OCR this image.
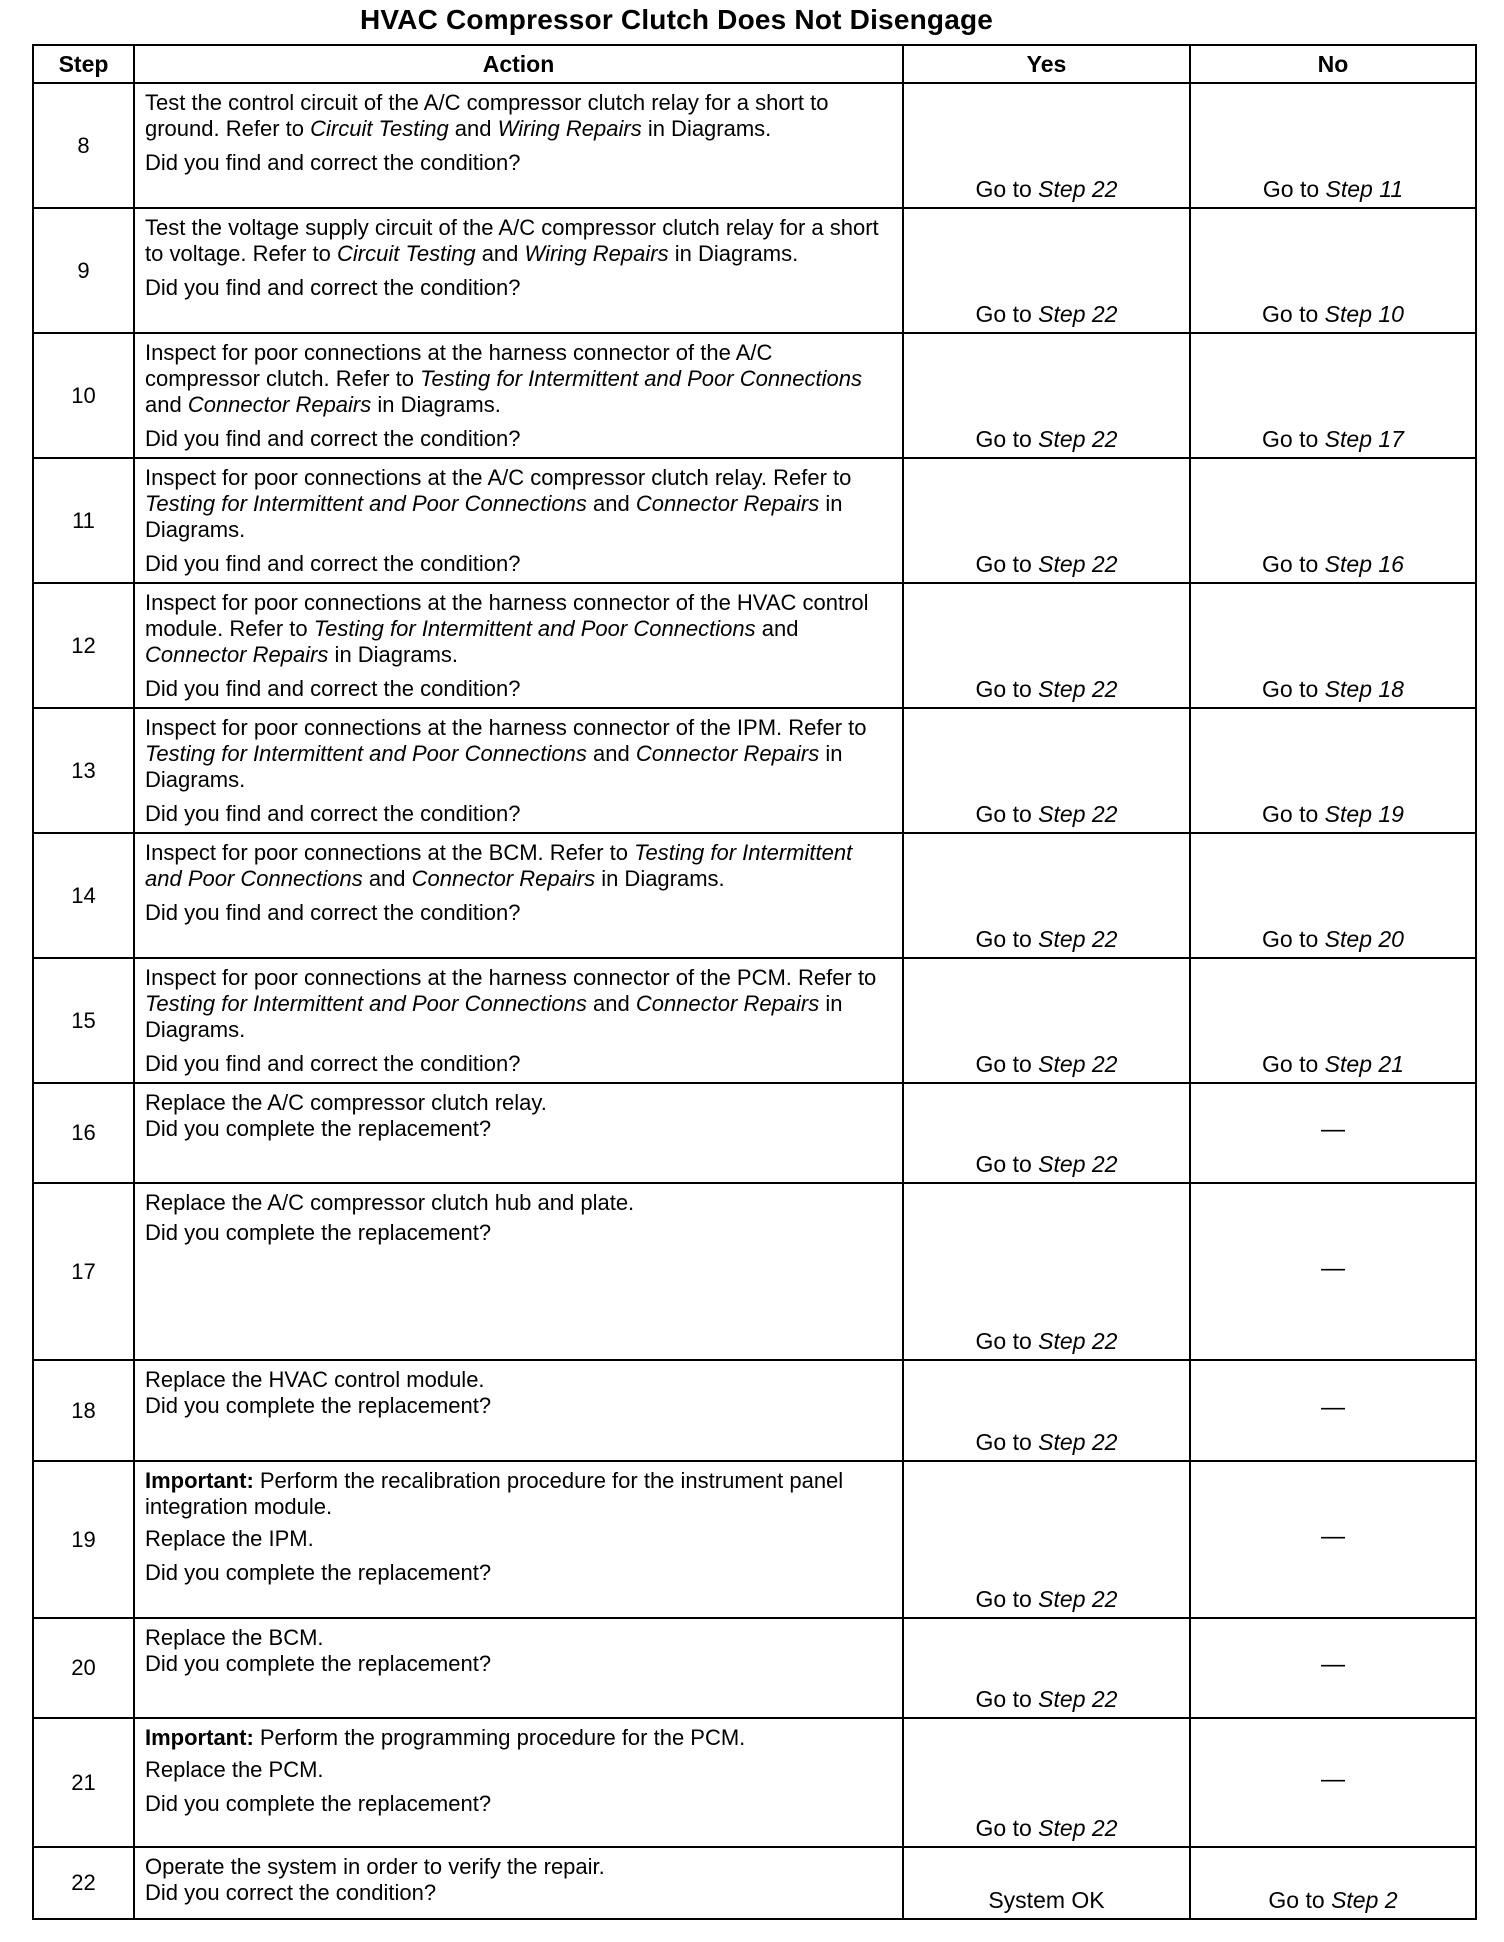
HVAC Compressor Clutch Does Not Disengage
Step	Action	Yes	No
8	Test the control circuit of the A/C compressor clutch relay for a short to ground. Refer to Circuit Testing and Wiring Repairs in Diagrams.
Did you find and correct the condition?	Go to Step 22	Go to Step 11

9	Test the voltage supply circuit of the A/C compressor clutch relay for a short to voltage. Refer to Circuit Testing and Wiring Repairs in Diagrams.
Did you find and correct the condition?	Go to Step 22	Go to Step 10

10	Inspect for poor connections at the harness connector of the A/C compressor clutch. Refer to Testing for Intermittent and Poor Connections and Connector Repairs in Diagrams.
Did you find and correct the condition?	Go to Step 22	Go to Step 17

11	Inspect for poor connections at the A/C compressor clutch relay. Refer to Testing for Intermittent and Poor Connections and Connector Repairs in Diagrams.
Did you find and correct the condition?	Go to Step 22	Go to Step 16

12	Inspect for poor connections at the harness connector of the HVAC control module. Refer to Testing for Intermittent and Poor Connections and Connector Repairs in Diagrams.
Did you find and correct the condition?	Go to Step 22	Go to Step 18

13	Inspect for poor connections at the harness connector of the IPM. Refer to Testing for Intermittent and Poor Connections and Connector Repairs in Diagrams.
Did you find and correct the condition?	Go to Step 22	Go to Step 19

14	Inspect for poor connections at the BCM. Refer to Testing for Intermittent and Poor Connections and Connector Repairs in Diagrams.
Did you find and correct the condition?	Go to Step 22	Go to Step 20

15	Inspect for poor connections at the harness connector of the PCM. Refer to Testing for Intermittent and Poor Connections and Connector Repairs in Diagrams.
Did you find and correct the condition?	Go to Step 22	Go to Step 21

16	Replace the A/C compressor clutch relay.
Did you complete the replacement?	Go to Step 22	—

17	Replace the A/C compressor clutch hub and plate.
Did you complete the replacement?	Go to Step 22	—

18	Replace the HVAC control module.
Did you complete the replacement?	Go to Step 22	—

19	Important: Perform the recalibration procedure for the instrument panel integration module.
Replace the IPM.
Did you complete the replacement?	Go to Step 22	—

20	Replace the BCM.
Did you complete the replacement?	Go to Step 22	—

21	Important: Perform the programming procedure for the PCM.
Replace the PCM.
Did you complete the replacement?	Go to Step 22	—

22	Operate the system in order to verify the repair.
Did you correct the condition?	System OK	Go to Step 2
